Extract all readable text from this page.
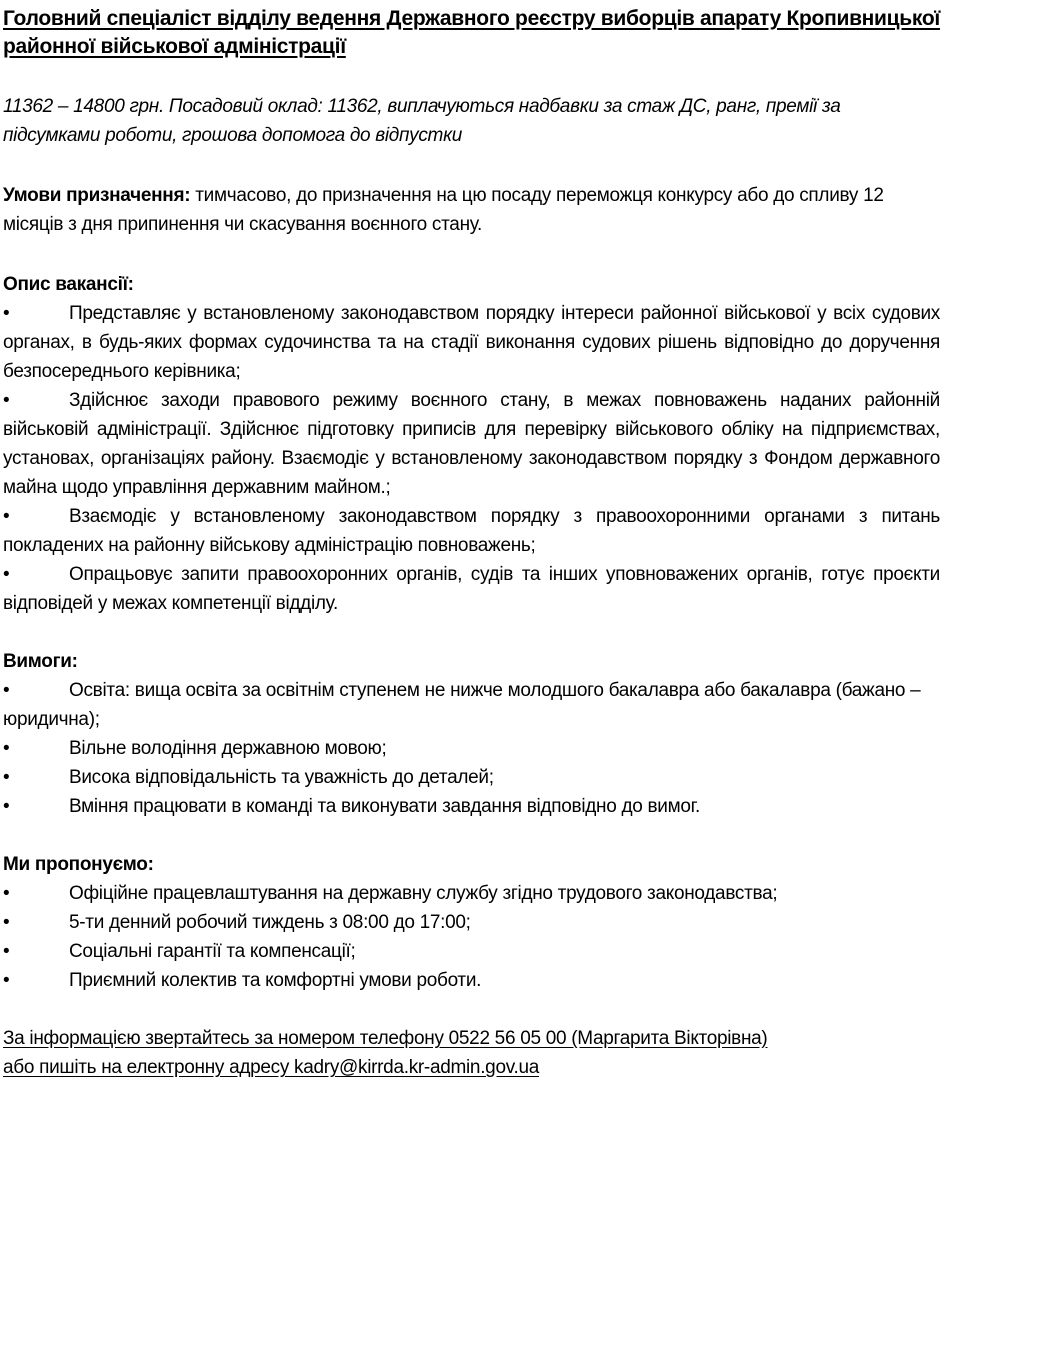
Головний спеціаліст відділу ведення Державного реєстру виборців апарату Кропивницької районної військової адміністрації

11362 – 14800 грн. Посадовий оклад: 11362, виплачуються надбавки за стаж ДС, ранг, премії за підсумками роботи, грошова допомога до відпустки

Умови призначення: тимчасово, до призначення на цю посаду переможця конкурсу або до спливу 12 місяців з дня припинення чи скасування воєнного стану.

Опис вакансії:

•	Представляє у встановленому законодавством порядку інтереси районної військової у всіх судових органах, в будь-яких формах судочинства та на стадії виконання судових рішень відповідно до доручення безпосереднього керівника;

•	Здійснює заходи правового режиму воєнного стану, в межах повноважень наданих районній військовій адміністрації. Здійснює підготовку приписів для перевірку військового обліку на підприємствах, установах, організаціях району. Взаємодіє у встановленому законодавством порядку з Фондом державного майна щодо управління державним майном.;

•	Взаємодіє у встановленому законодавством порядку з правоохоронними органами з питань покладених на районну військову адміністрацію повноважень;

•	Опрацьовує запити правоохоронних органів, судів та інших уповноважених органів, готує проєкти відповідей у межах компетенції відділу.

Вимоги:

•	Освіта: вища освіта за освітнім ступенем не нижче молодшого бакалавра або бакалавра (бажано – юридична);

•	Вільне володіння державною мовою;

•	Висока відповідальність та уважність до деталей;

•	Вміння працювати в команді та виконувати завдання відповідно до вимог.

Ми пропонуємо:

•	Офіційне працевлаштування на державну службу згідно трудового законодавства;

•	5-ти денний робочий тиждень з 08:00 до 17:00;

•	Соціальні гарантії та компенсації;

•	Приємний колектив та комфортні умови роботи.

За інформацією звертайтесь за номером телефону 0522 56 05 00 (Маргарита Вікторівна)

або пишіть на електронну адресу kadry@kirrda.kr-admin.gov.ua
